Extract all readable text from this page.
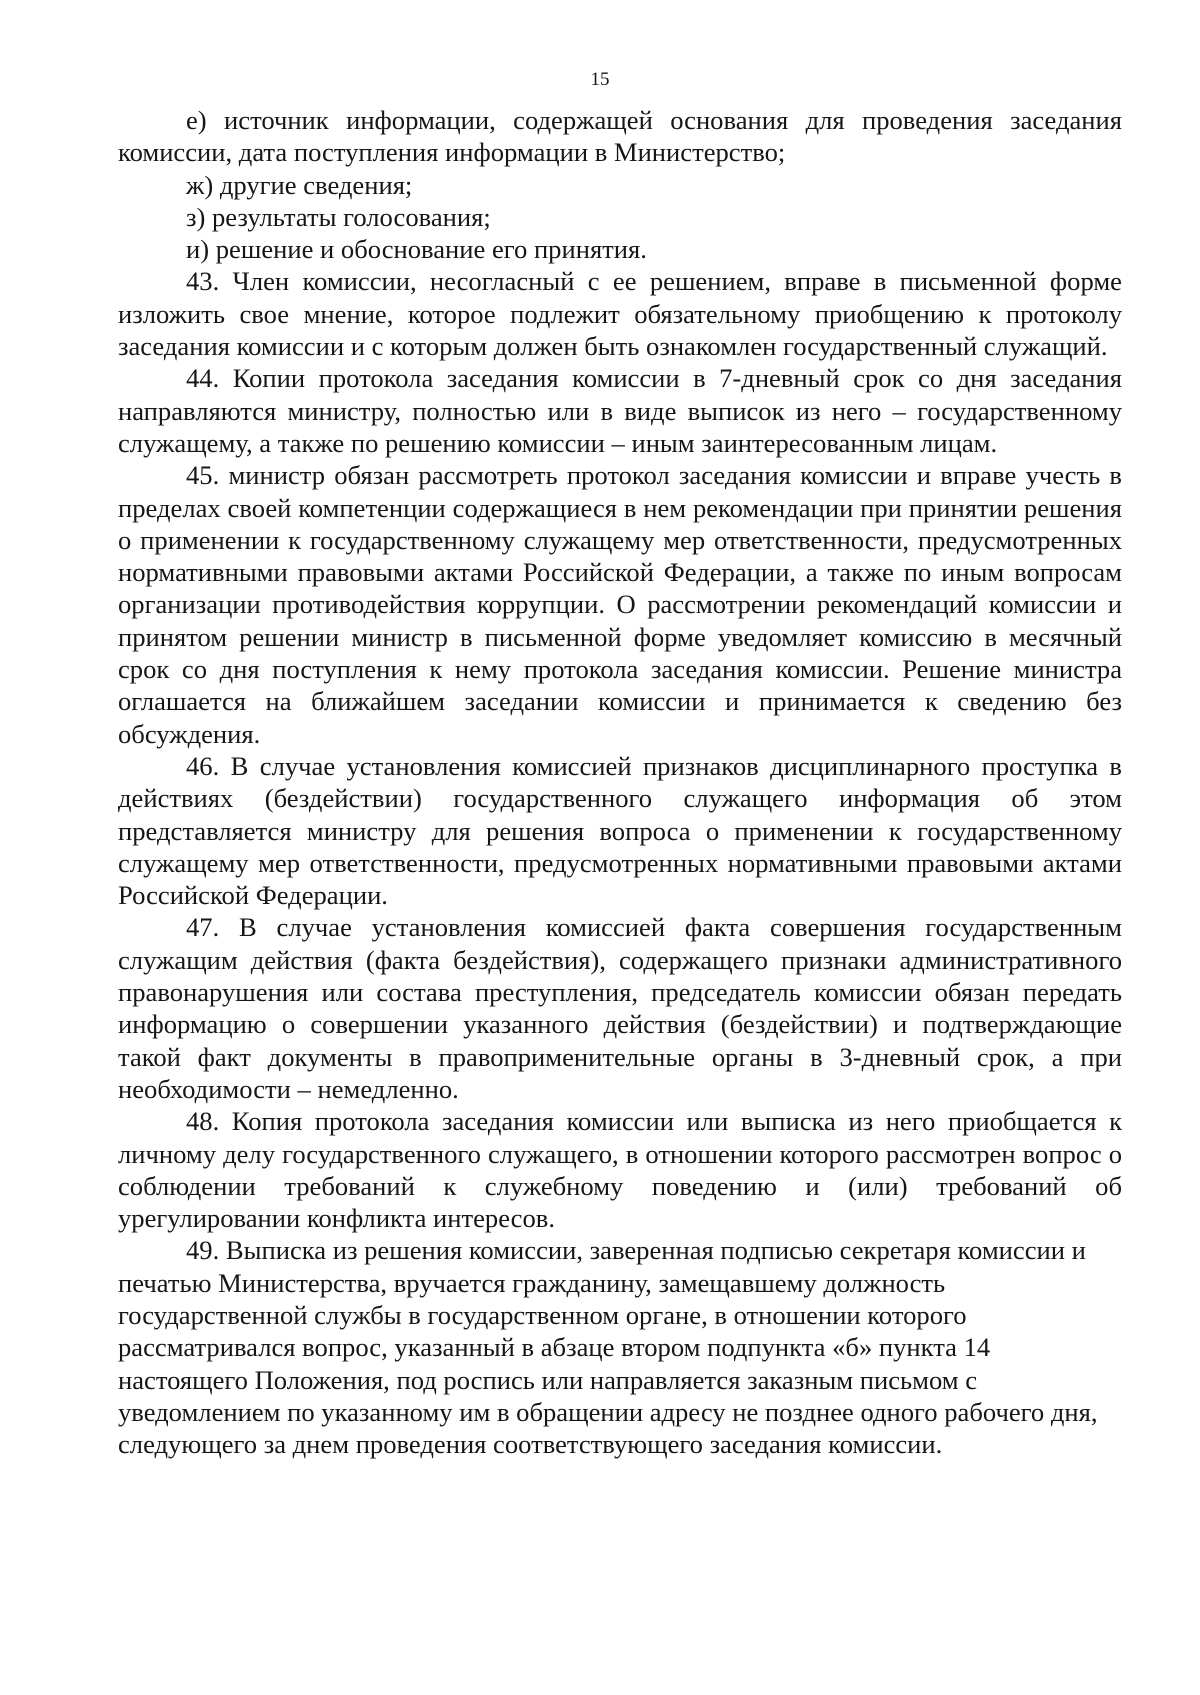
15

е) источник информации, содержащей основания для проведения заседания комиссии, дата поступления информации в Министерство;

ж) другие сведения;

з) результаты голосования;

и) решение и обоснование его принятия.

43. Член комиссии, несогласный с ее решением, вправе в письменной форме изложить свое мнение, которое подлежит обязательному приобщению к протоколу заседания комиссии и с которым должен быть ознакомлен государственный служащий.

44. Копии протокола заседания комиссии в 7-дневный срок со дня заседания направляются министру, полностью или в виде выписок из него – государственному служащему, а также по решению комиссии – иным заинтересованным лицам.

45. министр обязан рассмотреть протокол заседания комиссии и вправе учесть в пределах своей компетенции содержащиеся в нем рекомендации при принятии решения о применении к государственному служащему мер ответственности, предусмотренных нормативными правовыми актами Российской Федерации, а также по иным вопросам организации противодействия коррупции. О рассмотрении рекомендаций комиссии и принятом решении министр в письменной форме уведомляет комиссию в месячный срок со дня поступления к нему протокола заседания комиссии. Решение министра оглашается на ближайшем заседании комиссии и принимается к сведению без обсуждения.

46. В случае установления комиссией признаков дисциплинарного проступка в действиях (бездействии) государственного служащего информация об этом представляется министру для решения вопроса о применении к государственному служащему мер ответственности, предусмотренных нормативными правовыми актами Российской Федерации.

47. В случае установления комиссией факта совершения государственным служащим действия (факта бездействия), содержащего признаки административного правонарушения или состава преступления, председатель комиссии обязан передать информацию о совершении указанного действия (бездействии) и подтверждающие такой факт документы в правоприменительные органы в 3-дневный срок, а при необходимости – немедленно.

48. Копия протокола заседания комиссии или выписка из него приобщается к личному делу государственного служащего, в отношении которого рассмотрен вопрос о соблюдении требований к служебному поведению и (или) требований об урегулировании конфликта интересов.

49. Выписка из решения комиссии, заверенная подписью секретаря комиссии и печатью Министерства, вручается гражданину, замещавшему должность государственной службы в государственном органе, в отношении которого рассматривался вопрос, указанный в абзаце втором подпункта «б» пункта 14 настоящего Положения, под роспись или направляется заказным письмом с уведомлением по указанному им в обращении адресу не позднее одного рабочего дня, следующего за днем проведения соответствующего заседания комиссии.
